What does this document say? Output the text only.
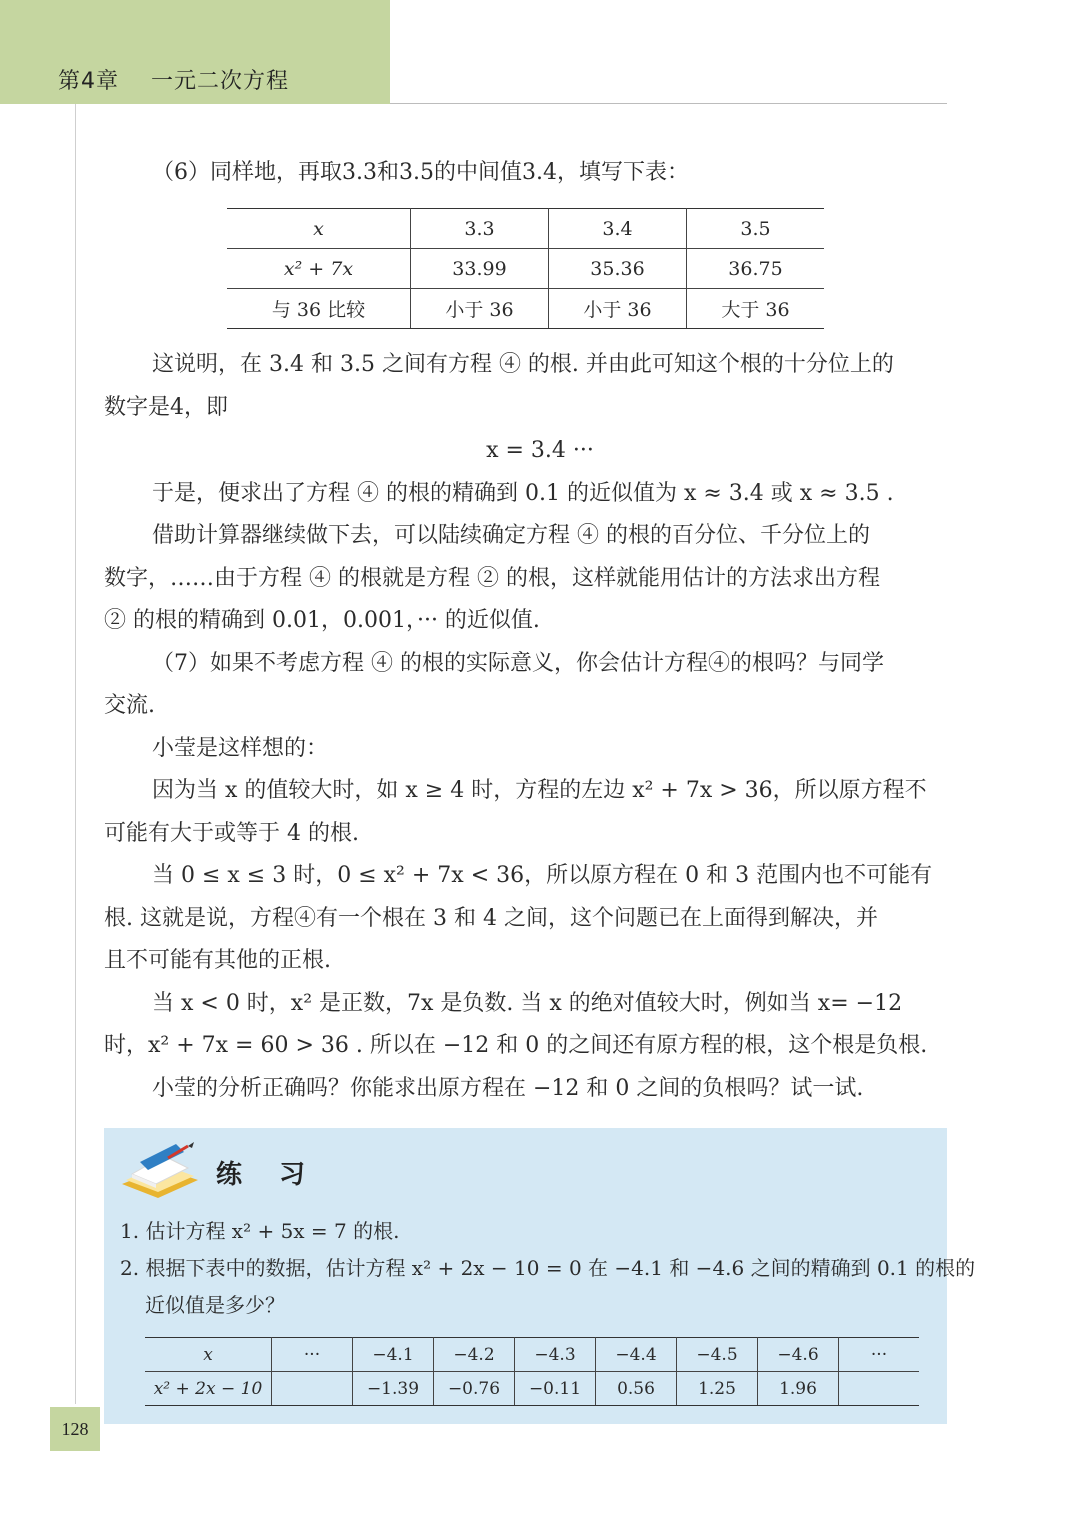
第4章    一元二次方程
（6）同样地，再取3.3和3.5的中间值3.4，填写下表：
x	3.3	3.4	3.5
x² + 7x	33.99	35.36	36.75
与 36 比较	小于 36	小于 36	大于 36
这说明，在 3.4 和 3.5 之间有方程 ④ 的根. 并由此可知这个根的十分位上的
数字是4，即
x = 3.4 ···
于是，便求出了方程 ④ 的根的精确到 0.1 的近似值为 x ≈ 3.4 或 x ≈ 3.5 .
借助计算器继续做下去，可以陆续确定方程 ④ 的根的百分位、千分位上的
数字，……由于方程 ④ 的根就是方程 ② 的根，这样就能用估计的方法求出方程
② 的根的精确到 0.01，0.001，··· 的近似值.
（7）如果不考虑方程 ④ 的根的实际意义，你会估计方程④的根吗？与同学
交流.
小莹是这样想的：
因为当 x 的值较大时，如 x ≥ 4 时，方程的左边 x² + 7x > 36，所以原方程不
可能有大于或等于 4 的根.
当 0 ≤ x ≤ 3 时，0 ≤ x² + 7x < 36，所以原方程在 0 和 3 范围内也不可能有
根. 这就是说，方程④有一个根在 3 和 4 之间，这个问题已在上面得到解决，并
且不可能有其他的正根.
当 x < 0 时，x² 是正数，7x 是负数. 当 x 的绝对值较大时，例如当 x= −12
时，x² + 7x = 60 > 36 . 所以在 −12 和 0 的之间还有原方程的根，这个根是负根.
小莹的分析正确吗？你能求出原方程在 −12 和 0 之间的负根吗？试一试.
练 习
1. 估计方程 x² + 5x = 7 的根.
2. 根据下表中的数据，估计方程 x² + 2x − 10 = 0 在 −4.1 和 −4.6 之间的精确到 0.1 的根的
近似值是多少？
x	···	−4.1	−4.2	−4.3	−4.4	−4.5	−4.6	···
x² + 2x − 10		−1.39	−0.76	−0.11	0.56	1.25	1.96	
128
